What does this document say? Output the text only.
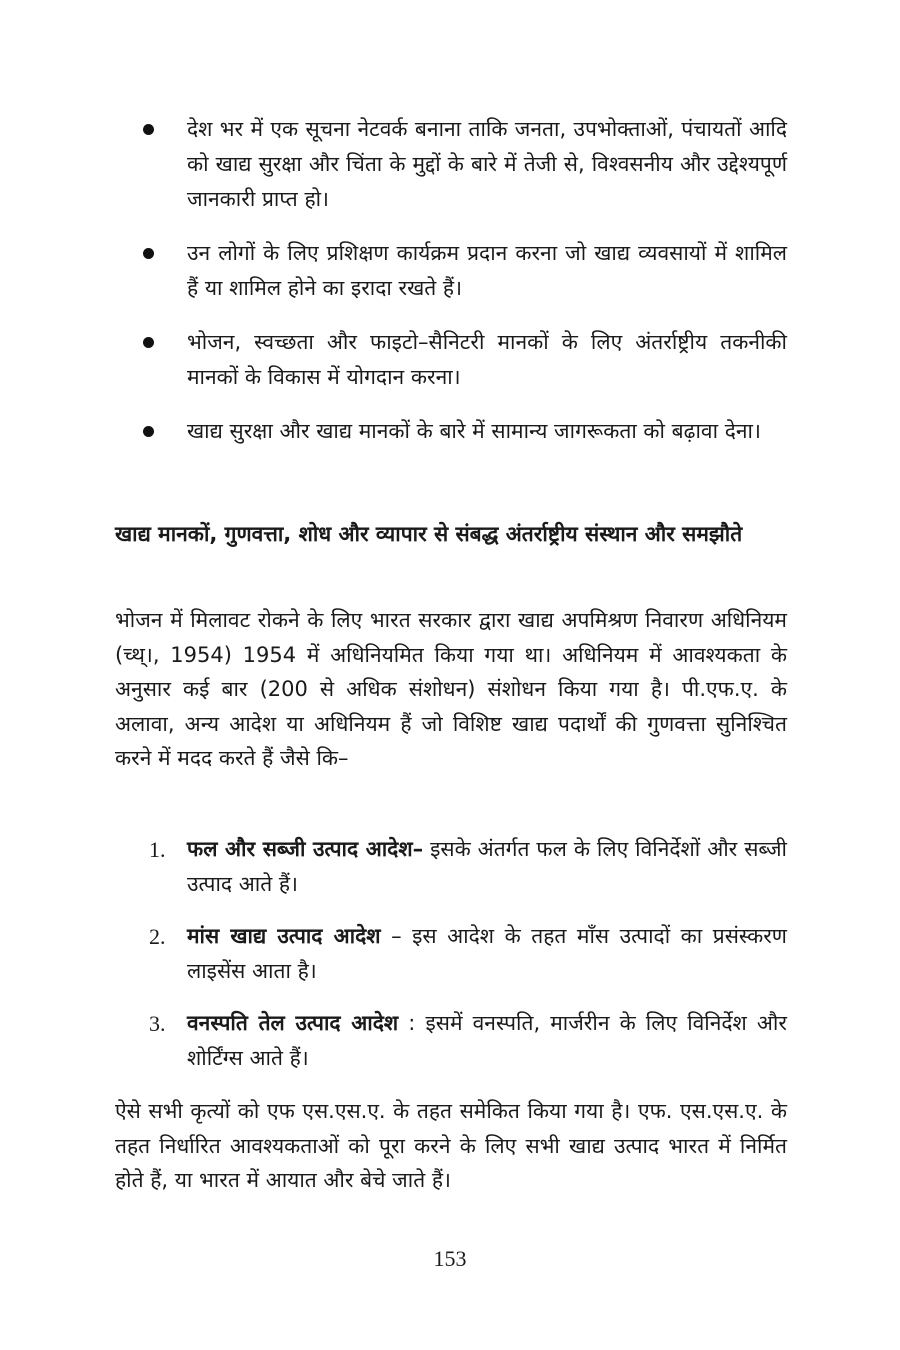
देश भर में एक सूचना नेटवर्क बनाना ताकि जनता, उपभोक्ताओं, पंचायतों आदि को खाद्य सुरक्षा और चिंता के मुद्दों के बारे में तेजी से, विश्वसनीय और उद्देश्यपूर्ण जानकारी प्राप्त हो।
उन लोगों के लिए प्रशिक्षण कार्यक्रम प्रदान करना जो खाद्य व्यवसायों में शामिल हैं या शामिल होने का इरादा रखते हैं।
भोजन, स्वच्छता और फाइटो–सैनिटरी मानकों के लिए अंतर्राष्ट्रीय तकनीकी मानकों के विकास में योगदान करना।
खाद्य सुरक्षा और खाद्य मानकों के बारे में सामान्य जागरूकता को बढ़ावा देना।
खाद्य मानकों, गुणवत्ता, शोध और व्यापार से संबद्ध अंतर्राष्ट्रीय संस्थान और समझौते

भोजन में मिलावट रोकने के लिए भारत सरकार द्वारा खाद्य अपमिश्रण निवारण अधिनियम (च्थ्।, 1954) 1954 में अधिनियमित किया गया था। अधिनियम में आवश्यकता के अनुसार कई बार (200 से अधिक संशोधन) संशोधन किया गया है। पी.एफ.ए. के अलावा, अन्य आदेश या अधिनियम हैं जो विशिष्ट खाद्य पदार्थों की गुणवत्ता सुनिश्चित करने में मदद करते हैं जैसे कि–

1. फल और सब्जी उत्पाद आदेश– इसके अंतर्गत फल के लिए विनिर्देशों और सब्जी उत्पाद आते हैं।
2. मांस खाद्य उत्पाद आदेश – इस आदेश के तहत माँस उत्पादों का प्रसंस्करण लाइसेंस आता है।
3. वनस्पति तेल उत्पाद आदेश : इसमें वनस्पति, मार्जरीन के लिए विनिर्देश और शोर्टिंग्स आते हैं।

ऐसे सभी कृत्यों को एफ एस.एस.ए. के तहत समेकित किया गया है। एफ. एस.एस.ए. के तहत निर्धारित आवश्यकताओं को पूरा करने के लिए सभी खाद्य उत्पाद भारत में निर्मित होते हैं, या भारत में आयात और बेचे जाते हैं।

153
